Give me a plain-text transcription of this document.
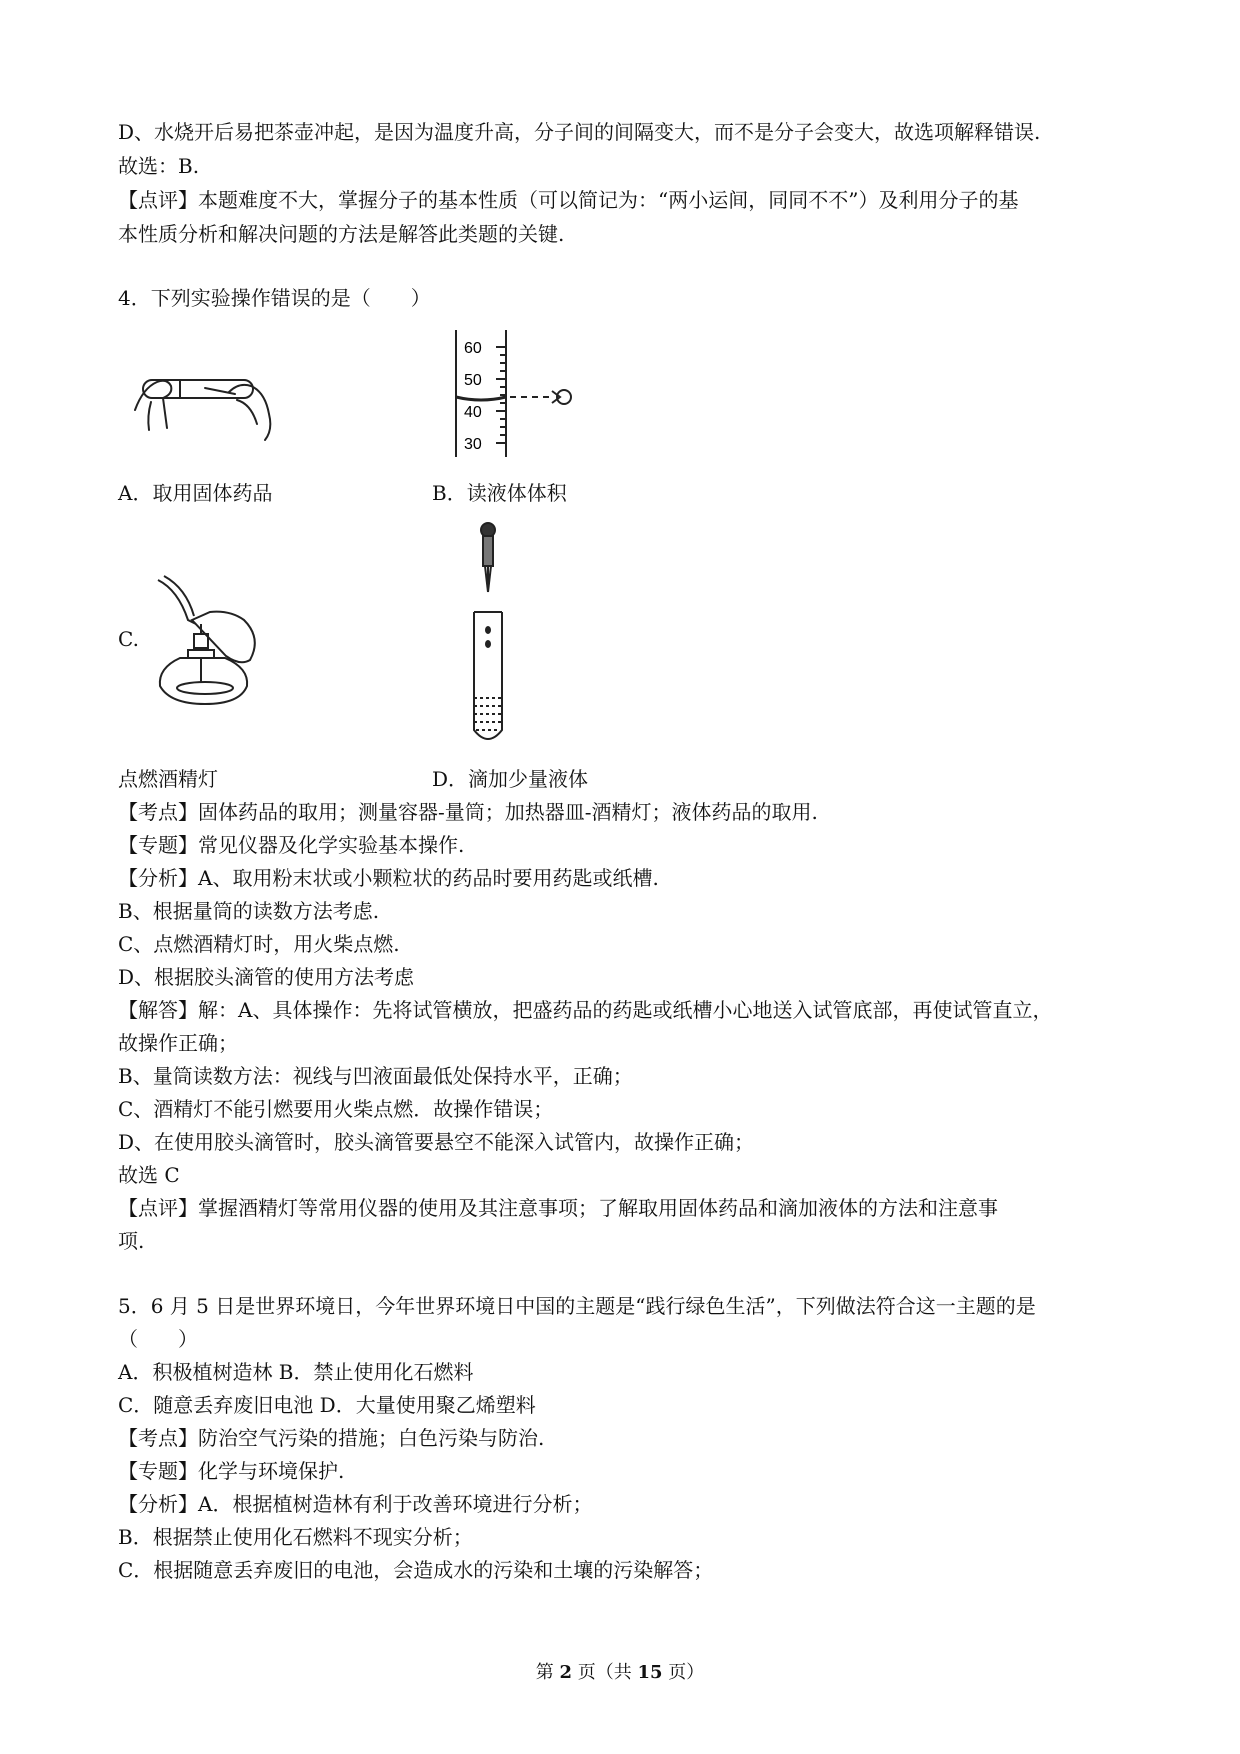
D、水烧开后易把茶壶冲起，是因为温度升高，分子间的间隔变大，而不是分子会变大，故选项解释错误.
故选：B.
【点评】本题难度不大，掌握分子的基本性质（可以简记为：“两小运间，同同不不”）及利用分子的基
本性质分析和解决问题的方法是解答此类题的关键.
4．下列实验操作错误的是（　　）
60
50
40
30
A．取用固体药品	B．读液体体积
C.
点燃酒精灯	D．滴加少量液体
【考点】固体药品的取用；测量容器-量筒；加热器皿-酒精灯；液体药品的取用.
【专题】常见仪器及化学实验基本操作.
【分析】A、取用粉末状或小颗粒状的药品时要用药匙或纸槽.
B、根据量筒的读数方法考虑.
C、点燃酒精灯时，用火柴点燃.
D、根据胶头滴管的使用方法考虑
【解答】解：A、具体操作：先将试管横放，把盛药品的药匙或纸槽小心地送入试管底部，再使试管直立，
故操作正确；
B、量筒读数方法：视线与凹液面最低处保持水平，正确；
C、酒精灯不能引燃要用火柴点燃．故操作错误；
D、在使用胶头滴管时，胶头滴管要悬空不能深入试管内，故操作正确；
故选 C
【点评】掌握酒精灯等常用仪器的使用及其注意事项；了解取用固体药品和滴加液体的方法和注意事
项.
5．6 月 5 日是世界环境日，今年世界环境日中国的主题是“践行绿色生活”，下列做法符合这一主题的是
（　　）
A．积极植树造林 B．禁止使用化石燃料
C．随意丢弃废旧电池 D．大量使用聚乙烯塑料
【考点】防治空气污染的措施；白色污染与防治.
【专题】化学与环境保护.
【分析】A．根据植树造林有利于改善环境进行分析；
B．根据禁止使用化石燃料不现实分析；
C．根据随意丢弃废旧的电池，会造成水的污染和土壤的污染解答；
第 2 页（共 15 页）
